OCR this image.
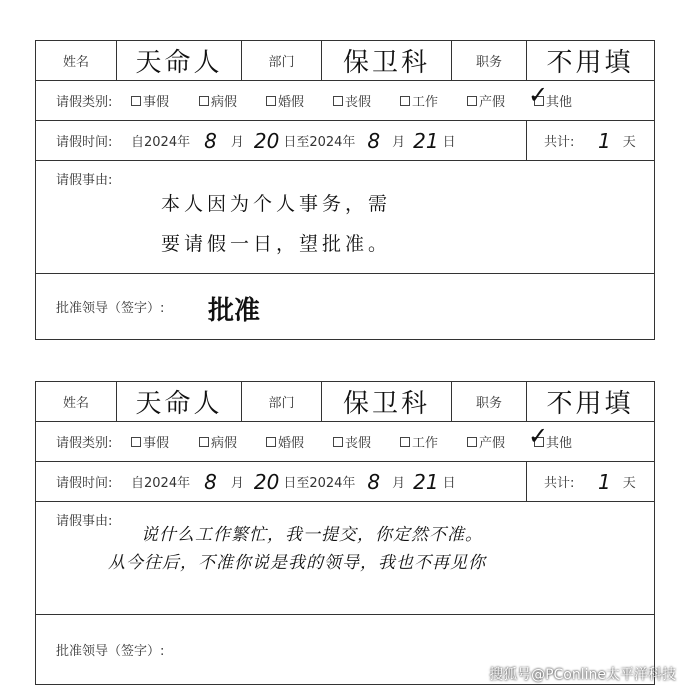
姓名	天命人	部门	保卫科	职务	不用填
请假类别: 事假	病假	婚假	丧假	工作	产假	其他
✓
请假时间: 自 2024年 8 月 20 日至 2024年 8 月 21 日	共计: 1 天
请假事由:
本人因为个人事务，需
要请假一日，望批准。
批准领导（签字）: 批准
姓名	天命人	部门	保卫科	职务	不用填
请假类别: 事假	病假	婚假	丧假	工作	产假	其他
✓
请假时间: 自 2024年 8 月 20 日至 2024年 8 月 21 日	共计: 1 天
请假事由:
说什么工作繁忙，我一提交，你定然不准。
从今往后，不准你说是我的领导，我也不再见你
批准领导（签字）:
搜狐号@PConline太平洋科技
